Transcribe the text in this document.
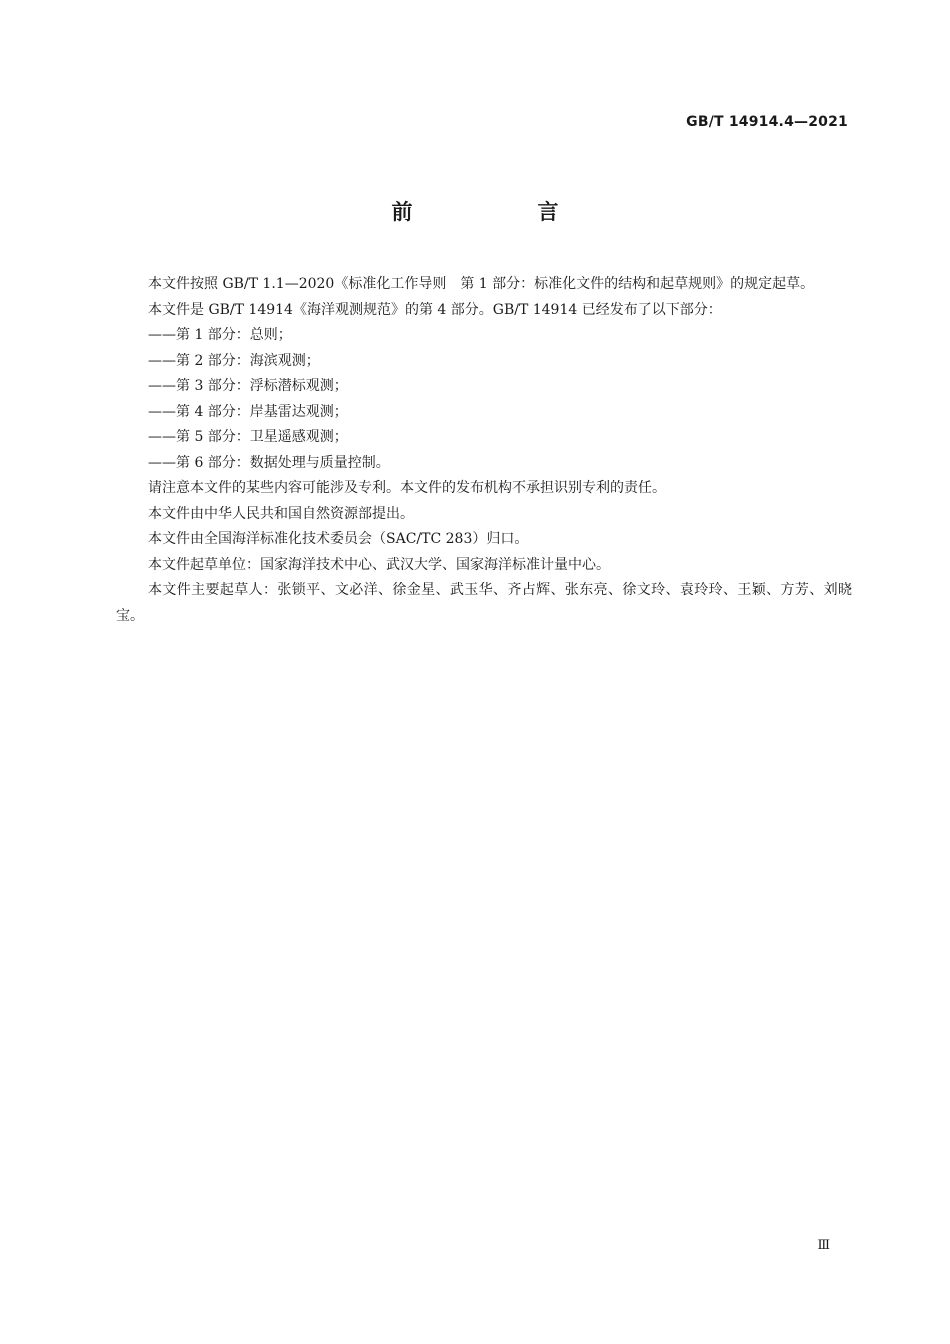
GB/T 14914.4—2021
前　言

本文件按照 GB/T 1.1—2020《标准化工作导则　第 1 部分：标准化文件的结构和起草规则》的规定起草。

本文件是 GB/T 14914《海洋观测规范》的第 4 部分。GB/T 14914 已经发布了以下部分：

——第 1 部分：总则；

——第 2 部分：海滨观测；

——第 3 部分：浮标潜标观测；

——第 4 部分：岸基雷达观测；

——第 5 部分：卫星遥感观测；

——第 6 部分：数据处理与质量控制。

请注意本文件的某些内容可能涉及专利。本文件的发布机构不承担识别专利的责任。

本文件由中华人民共和国自然资源部提出。

本文件由全国海洋标准化技术委员会（SAC/TC 283）归口。

本文件起草单位：国家海洋技术中心、武汉大学、国家海洋标准计量中心。

本文件主要起草人：张锁平、文必洋、徐金星、武玉华、齐占辉、张东亮、徐文玲、袁玲玲、王颖、方芳、刘晓宝。

Ⅲ
